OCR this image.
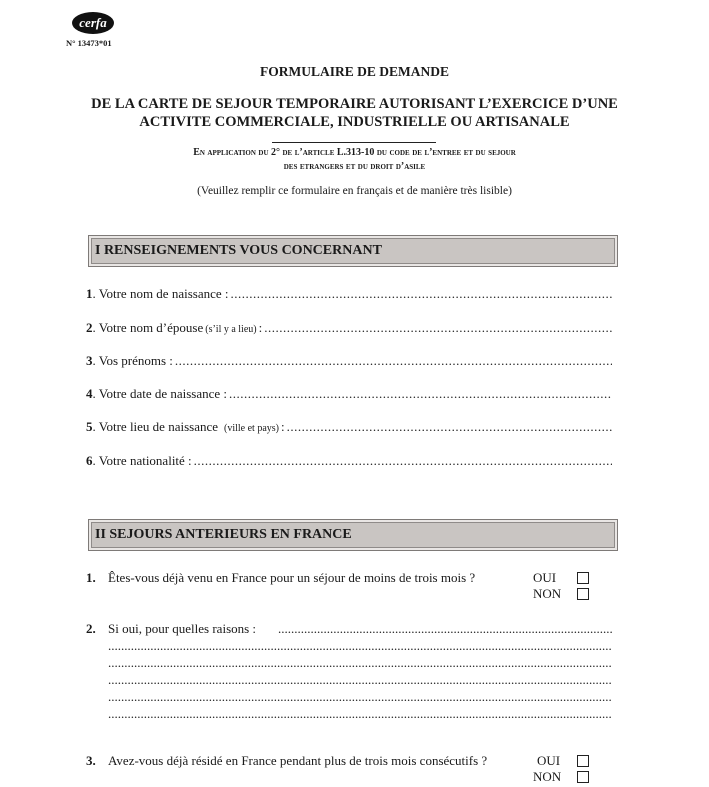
cerfa
N° 13473*01
FORMULAIRE DE DEMANDE
DE LA CARTE DE SEJOUR TEMPORAIRE AUTORISANT L’EXERCICE D’UNE
ACTIVITE COMMERCIALE, INDUSTRIELLE OU ARTISANALE
En application du 2° de l’article L.313-10 du code de l’entree et du sejour
des etrangers et du droit d’asile
(Veuillez remplir ce formulaire en français et de manière très lisible)
I RENSEIGNEMENTS VOUS CONCERNANT
1 . Votre nom de naissance :
.....
2 . Votre nom d’épouse (s’il y a lieu) :
.....
3 . Vos prénoms :
.....
4 . Votre date de naissance :
.....
5 . Votre lieu de naissance (ville et pays) :
.....
6 . Votre nationalité :
.....
II SEJOURS ANTERIEURS EN FRANCE
1. Êtes-vous déjà venu en France pour un séjour de moins de trois mois ?	OUI
NON
2. Si oui, pour quelles raisons :
.....
.....
.....
.....
.....
.....
3. Avez-vous déjà résidé en France pendant plus de trois mois consécutifs ?	OUI
NON
